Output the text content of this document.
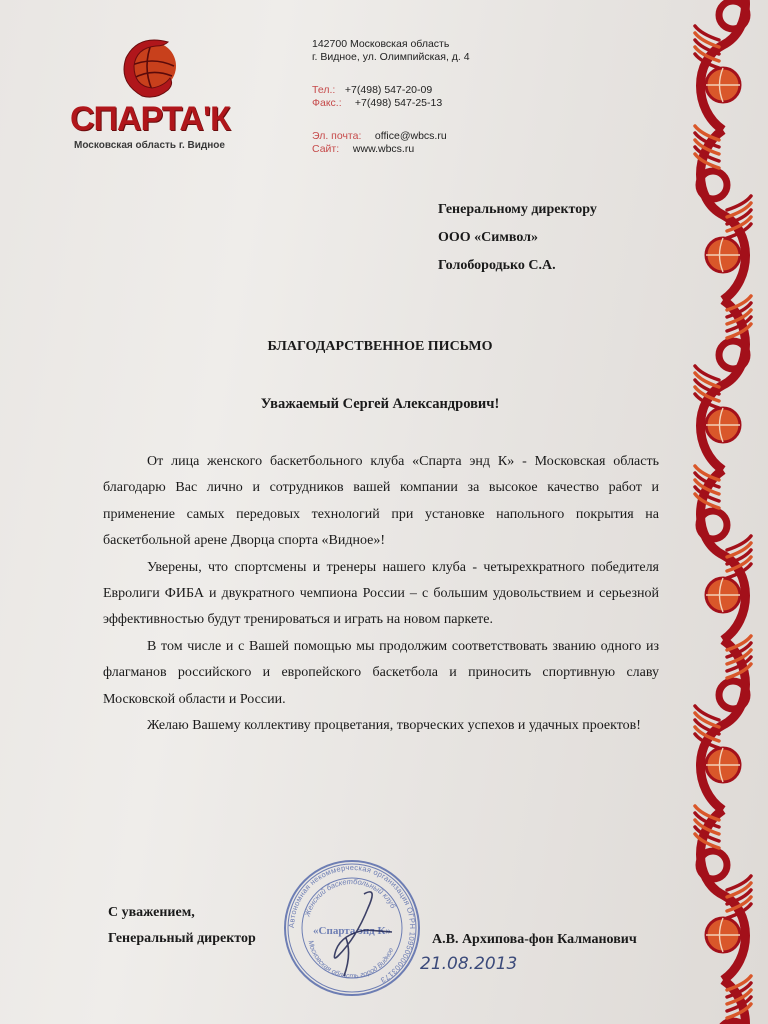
СПАРТА'К
Московская область г. Видное
142700 Московская область
г. Видное, ул. Олимпийская, д. 4
Тел.: +7(498) 547-20-09
Факс.: +7(498) 547-25-13
Эл. почта: office@wbcs.ru
Сайт: www.wbcs.ru
Генеральному директору
ООО «Символ»
Голобородько С.А.
БЛАГОДАРСТВЕННОЕ ПИСЬМО
Уважаемый Сергей Александрович!

От лица женского баскетбольного клуба «Спарта энд К» - Московская область благодарю Вас лично и сотрудников вашей компании за высокое качество работ и применение самых передовых технологий при установке напольного покрытия на баскетбольной арене Дворца спорта «Видное»!

Уверены, что спортсмены и тренеры нашего клуба - четырехкратного победителя Евролиги ФИБА и двукратного чемпиона России – с большим удовольствием и серьезной эффективностью будут тренироваться и играть на новом паркете.

В том числе и с Вашей помощью мы продолжим соответствовать званию одного из флагманов российского и европейского баскетбола и приносить спортивную славу Московской области и России.

Желаю Вашему коллективу процветания, творческих успехов и удачных проектов!

С уважением,
Генеральный директор
Автономная некоммерческая организация ОГРН 1095000003173
Женский баскетбольный клуб
Московская область город Видное
«Спарта энд К»
А.В. Архипова-фон Калманович
21.08.2013
